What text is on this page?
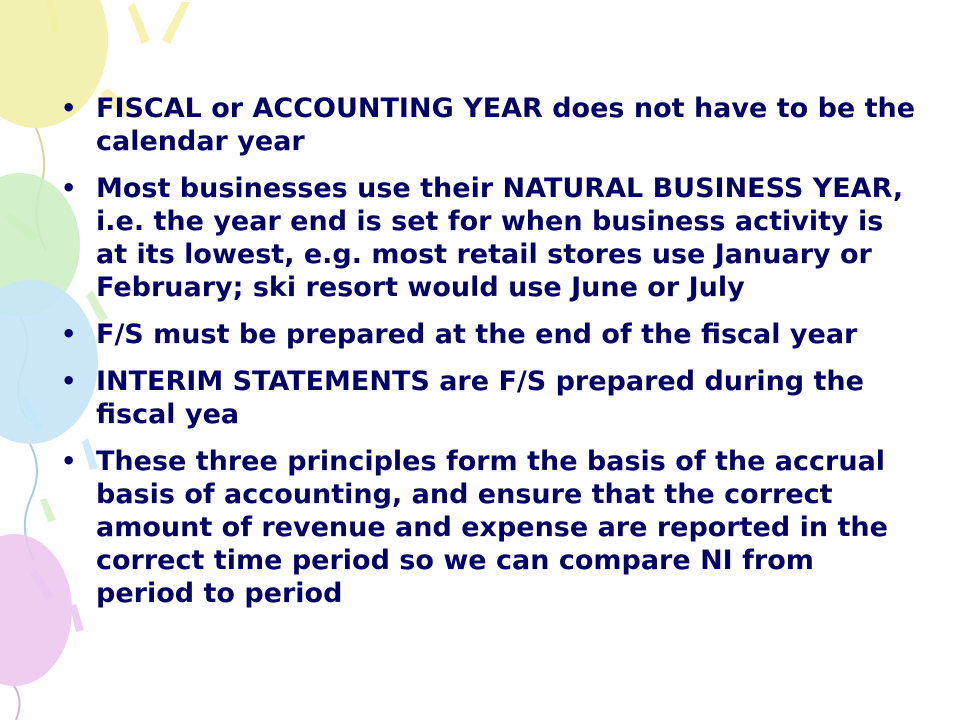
• FISCAL or ACCOUNTING YEAR does not have to be the calendar year
• Most businesses use their NATURAL BUSINESS YEAR, i.e. the year end is set for when business activity is at its lowest, e.g. most retail stores use January or February; ski resort would use June or July
• F/S must be prepared at the end of the fiscal year
• INTERIM STATEMENTS are F/S prepared during the fiscal yea
• These three principles form the basis of the accrual basis of accounting, and ensure that the correct amount of revenue and expense are reported in the correct time period so we can compare NI from period to period
